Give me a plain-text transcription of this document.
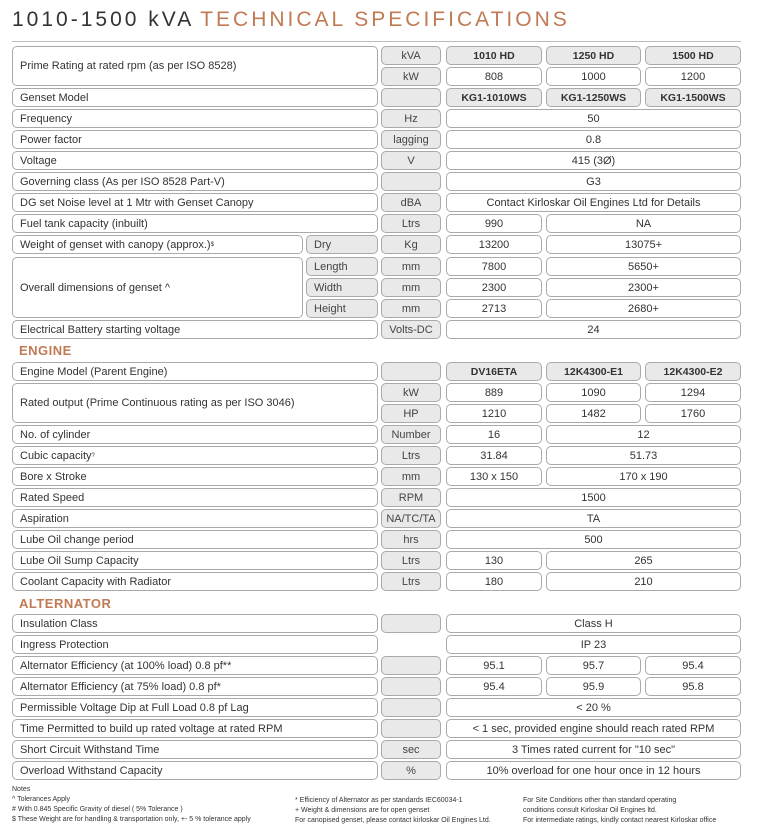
1010-1500 kVA TECHNICAL SPECIFICATIONS
Prime Rating at rated rpm (as per ISO 8528)
kVA	1010 HD	1250 HD	1500 HD
kW	808	1000	1200
Genset Model	KG1-1010WS	KG1-1250WS	KG1-1500WS
Frequency	Hz	50
Power factor	lagging	0.8
Voltage	V	415 (3Ø)
Governing class (As per ISO 8528 Part-V)	G3
DG set Noise level at 1 Mtr with Genset Canopy	dBA	Contact Kirloskar Oil Engines Ltd for Details
Fuel tank capacity (inbuilt)	Ltrs	990	NA
Weight of genset with canopy (approx.) $	Dry	Kg	13200	13075+
Overall dimensions of genset ^
Length	mm	7800	5650+
Width	mm	2300	2300+
Height	mm	2713	2680+
Electrical Battery starting voltage	Volts-DC	24
ENGINE
Engine Model (Parent Engine)	DV16ETA	12K4300-E1	12K4300-E2
Rated output (Prime Continuous rating as per ISO 3046)
kW	889	1090	1294
HP	1210	1482	1760
No. of cylinder	Number	16	12
Cubic capacity ?	Ltrs	31.84	51.73
Bore x Stroke	mm	130 x 150	170 x 190
Rated Speed	RPM	1500
Aspiration	NA/TC/TA	TA
Lube Oil change period	hrs	500
Lube Oil Sump Capacity	Ltrs	130	265
Coolant Capacity with Radiator	Ltrs	180	210
ALTERNATOR
Insulation Class	Class H
Ingress Protection	IP 23
Alternator Efficiency (at 100% load) 0.8 pf**	95.1	95.7	95.4
Alternator Efficiency (at 75% load) 0.8 pf*	95.4	95.9	95.8
Permissible Voltage Dip at Full Load 0.8 pf Lag	< 20 %
Time Permitted to build up rated voltage at rated RPM	< 1 sec, provided engine should reach rated RPM
Short Circuit Withstand Time	sec	3 Times rated current for "10 sec"
Overload Withstand Capacity	%	10% overload for one hour once in 12 hours
Notes
^ Tolerances Apply
# With 0.845 Specific Gravity of diesel ( 5% Tolerance )
$ These Weight are for handling & transportation only, +- 5 % tolerance apply
* Efficiency of Alternator as per standards IEC60034-1
+ Weight & dimensions are for open genset
For canopised genset, please contact kirloskar Oil Engines Ltd.
For Site Conditions other than standard operating
conditions consult Kirloskar Oil Engines ltd.
For intermediate ratings, kindly contact nearest Kirloskar office
